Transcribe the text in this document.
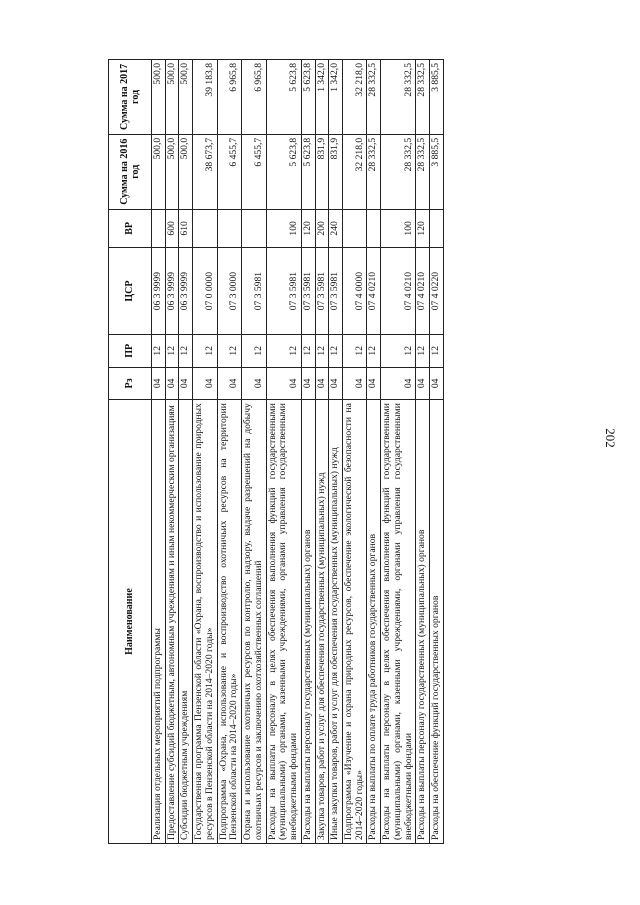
202
Наименование	Рз	ПР	ЦСР	ВР	Сумма на 2016 год	Сумма на 2017 год
Реализация отдельных мероприятий подпрограммы	04	12	06 3 9999		500,0	500,0
Предоставление субсидий бюджетным, автономным учреждениям и иным некоммерческим организациям	04	12	06 3 9999	600	500,0	500,0
Субсидии бюджетным учреждениям	04	12	06 3 9999	610	500,0	500,0
Государственная программа Пензенской области «Охрана, воспроизводство и использование природных ресурсов в Пензенской области на 2014–2020 годы»	04	12	07 0 0000		38 673,7	39 183,8
Подпрограмма «Охрана, использование и воспроизводство охотничьих ресурсов на территории Пензенской области на 2014–2020 годы»	04	12	07 3 0000		6 455,7	6 965,8
Охрана и использование охотничьих ресурсов по контролю, надзору, выдаче разрешений на добычу охотничьих ресурсов и заключению охотхозяйственных соглашений	04	12	07 3 5981		6 455,7	6 965,8
Расходы на выплаты персоналу в целях обеспечения выполнения функций государственными (муниципальными) органами, казенными учреждениями, органами управления государственными внебюджетными фондами	04	12	07 3 5981	100	5 623,8	5 623,8
Расходы на выплаты персоналу государственных (муниципальных) органов	04	12	07 3 5981	120	5 623,8	5 623,8
Закупка товаров, работ и услуг для обеспечения государственных (муниципальных) нужд	04	12	07 3 5981	200	831,9	1 342,0
Иные закупки товаров, работ и услуг для обеспечения государственных (муниципальных) нужд	04	12	07 3 5981	240	831,9	1 342,0
Подпрограмма «Изучение и охрана природных ресурсов, обеспечение экологической безопасности на 2014–2020 годы»	04	12	07 4 0000		32 218,0	32 218,0
Расходы на выплаты по оплате труда работников государственных органов	04	12	07 4 0210		28 332,5	28 332,5
Расходы на выплаты персоналу в целях обеспечения выполнения функций государственными (муниципальными) органами, казенными учреждениями, органами управления государственными внебюджетными фондами	04	12	07 4 0210	100	28 332,5	28 332,5
Расходы на выплаты персоналу государственных (муниципальных) органов	04	12	07 4 0210	120	28 332,5	28 332,5
Расходы на обеспечение функций государственных органов	04	12	07 4 0220		3 885,5	3 885,5
